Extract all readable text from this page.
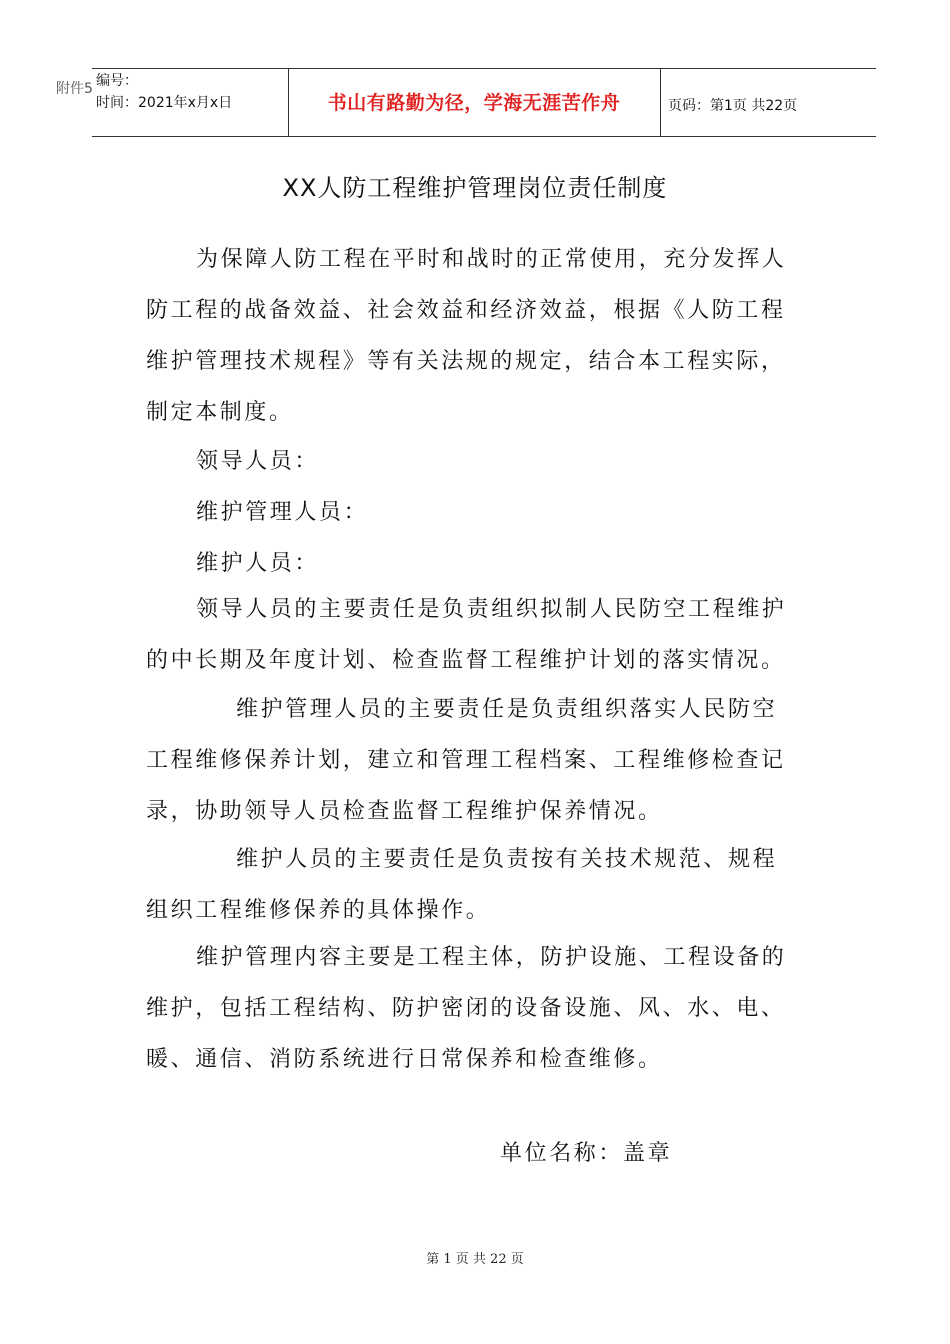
附件5 编号：
时间：2021年x月x日	书山有路勤为径，学海无涯苦作舟	页码：第1页 共22页
XX人防工程维护管理岗位责任制度
为保障人防工程在平时和战时的正常使用，充分发挥人
防工程的战备效益、社会效益和经济效益，根据《人防工程
维护管理技术规程》等有关法规的规定，结合本工程实际，
制定本制度。
领导人员：
维护管理人员：
维护人员：
领导人员的主要责任是负责组织拟制人民防空工程维护
的中长期及年度计划、检查监督工程维护计划的落实情况。
维护管理人员的主要责任是负责组织落实人民防空
工程维修保养计划，建立和管理工程档案、工程维修检查记
录，协助领导人员检查监督工程维护保养情况。
维护人员的主要责任是负责按有关技术规范、规程
组织工程维修保养的具体操作。
维护管理内容主要是工程主体，防护设施、工程设备的
维护，包括工程结构、防护密闭的设备设施、风、水、电、
暖、通信、消防系统进行日常保养和检查维修。
单位名称：盖章
第 1 页 共 22 页
